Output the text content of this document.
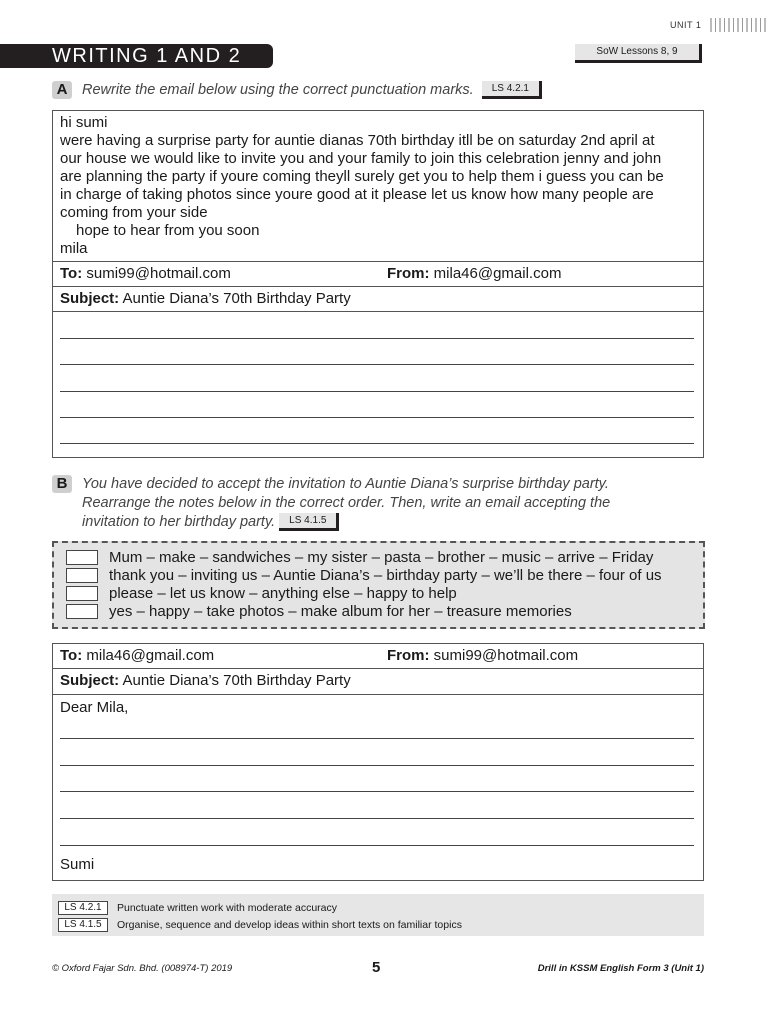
UNIT 1
WRITING 1 AND 2	SoW Lessons 8, 9
A	Rewrite the email below using the correct punctuation marks. LS 4.2.1
hi sumi
were having a surprise party for auntie dianas 70th birthday itll be on saturday 2nd april at
our house we would like to invite you and your family to join this celebration jenny and john
are planning the party if youre coming theyll surely get you to help them i guess you can be
in charge of taking photos since youre good at it please let us know how many people are
coming from your side
hope to hear from you soon
mila
To: sumi99@hotmail.com	From: mila46@gmail.com
Subject: Auntie Diana’s 70th Birthday Party
B	You have decided to accept the invitation to Auntie Diana’s surprise birthday party.
Rearrange the notes below in the correct order. Then, write an email accepting the
invitation to her birthday party. LS 4.1.5
Mum – make – sandwiches – my sister – pasta – brother – music – arrive – Friday
thank you – inviting us – Auntie Diana’s – birthday party – we’ll be there – four of us
please – let us know – anything else – happy to help
yes – happy – take photos – make album for her – treasure memories
To: mila46@gmail.com	From: sumi99@hotmail.com
Subject: Auntie Diana’s 70th Birthday Party
Dear Mila,
Sumi
LS 4.2.1	Punctuate written work with moderate accuracy
LS 4.1.5	Organise, sequence and develop ideas within short texts on familiar topics
© Oxford Fajar Sdn. Bhd. (008974-T) 2019	5	Drill in KSSM English Form 3 (Unit 1)
